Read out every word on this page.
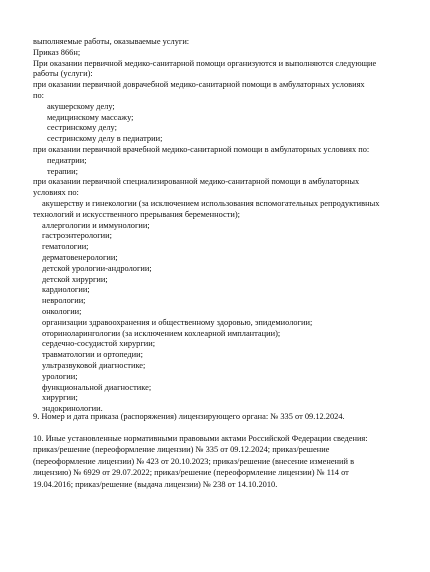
выполняемые работы, оказываемые услуги:
Приказ 866н;
При оказании первичной медико-санитарной помощи организуются и выполняются следующие
работы (услуги):
при оказании первичной доврачебной медико-санитарной помощи в амбулаторных условиях
по:
акушерскому делу;
медицинскому массажу;
сестринскому делу;
сестринскому делу в педиатрии;
при оказании первичной врачебной медико-санитарной помощи в амбулаторных условиях по:
педиатрии;
терапии;
при оказании первичной специализированной медико-санитарной помощи в амбулаторных
условиях по:
акушерству и гинекологии (за исключением использования вспомогательных репродуктивных
технологий и искусственного прерывания беременности);
аллергологии и иммунологии;
гастроэнтерологии;
гематологии;
дерматовенерологии;
детской урологии-андрологии;
детской хирургии;
кардиологии;
неврологии;
онкологии;
организации здравоохранения и общественному здоровью, эпидемиологии;
оториноларингологии (за исключением кохлеарной имплантации);
сердечно-сосудистой хирургии;
травматологии и ортопедии;
ультразвуковой диагностике;
урологии;
функциональной диагностике;
хирургии;
эндокринологии.
9. Номер и дата приказа (распоряжения) лицензирующего органа: № 335 от 09.12.2024.
10. Иные установленные нормативными правовыми актами Российской Федерации сведения:
приказ/решение (переоформление лицензии) № 335 от 09.12.2024; приказ/решение
(переоформление лицензии) № 423 от 20.10.2023; приказ/решение (внесение изменений в
лицензию) № 6929 от 29.07.2022; приказ/решение (переоформление лицензии) № 114 от
19.04.2016; приказ/решение (выдача лицензии) № 238 от 14.10.2010.
